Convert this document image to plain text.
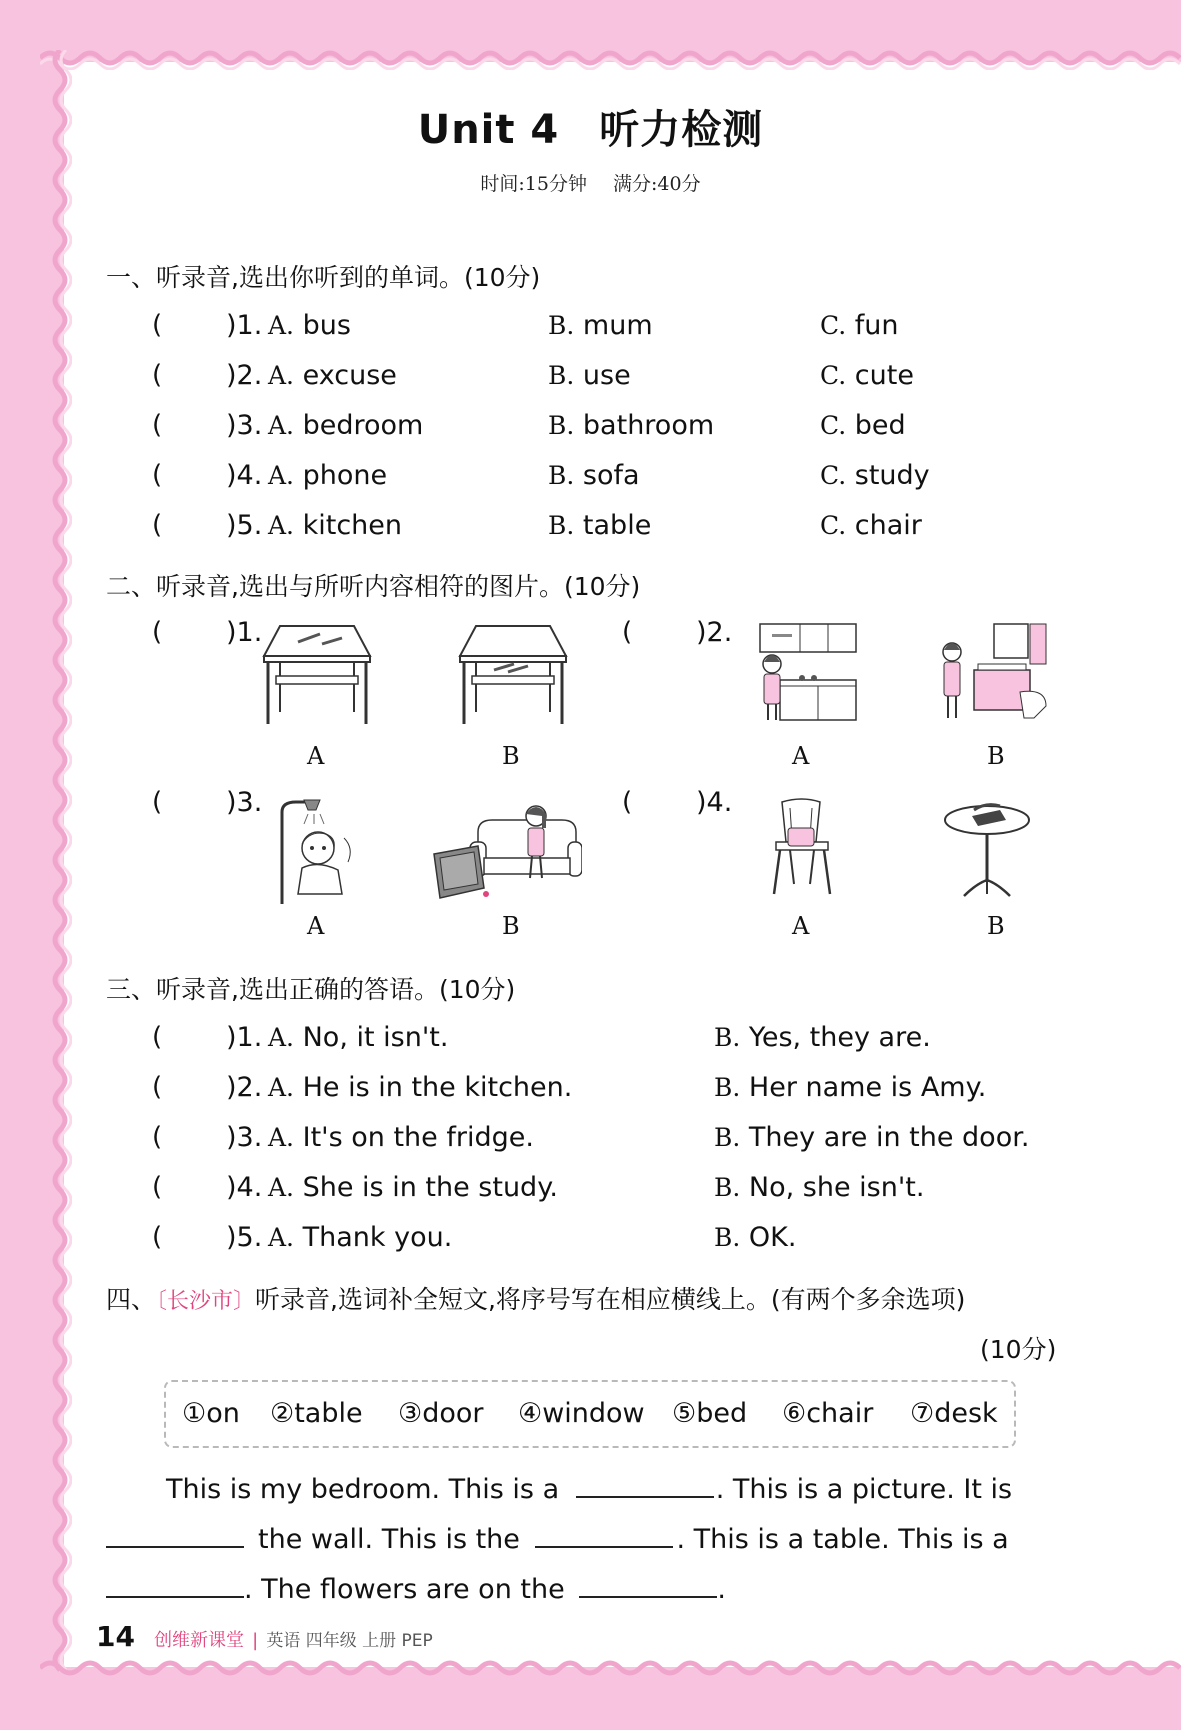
Unit 4 听力检测
时间:15分钟 满分:40分
一、听录音,选出你听到的单词。(10分)
( )1. A. bus	B. mum	C. fun
( )2. A. excuse	B. use	C. cute
( )3. A. bedroom	B. bathroom	C. bed
( )4. A. phone	B. sofa	C. study
( )5. A. kitchen	B. table	C. chair
二、听录音,选出与所听内容相符的图片。(10分)
( )1.	( )2.
( )3.	( )4.
A	B	A	B
A	B	A	B
三、听录音,选出正确的答语。(10分)
( )1. A. No, it isn't.	B. Yes, they are.
( )2. A. He is in the kitchen.	B. Her name is Amy.
( )3. A. It's on the fridge.	B. They are in the door.
( )4. A. She is in the study.	B. No, she isn't.
( )5. A. Thank you.	B. OK.
四、〔长沙市〕听录音,选词补全短文,将序号写在相应横线上。(有两个多余选项)
(10分)
①on ②table ③door ④window ⑤bed ⑥chair ⑦desk
This is my bedroom. This is a	. This is a picture. It is
the wall. This is the	. This is a table. This is a
. The flowers are on the	.
14 创维新课堂 | 英语 四年级 上册 PEP
